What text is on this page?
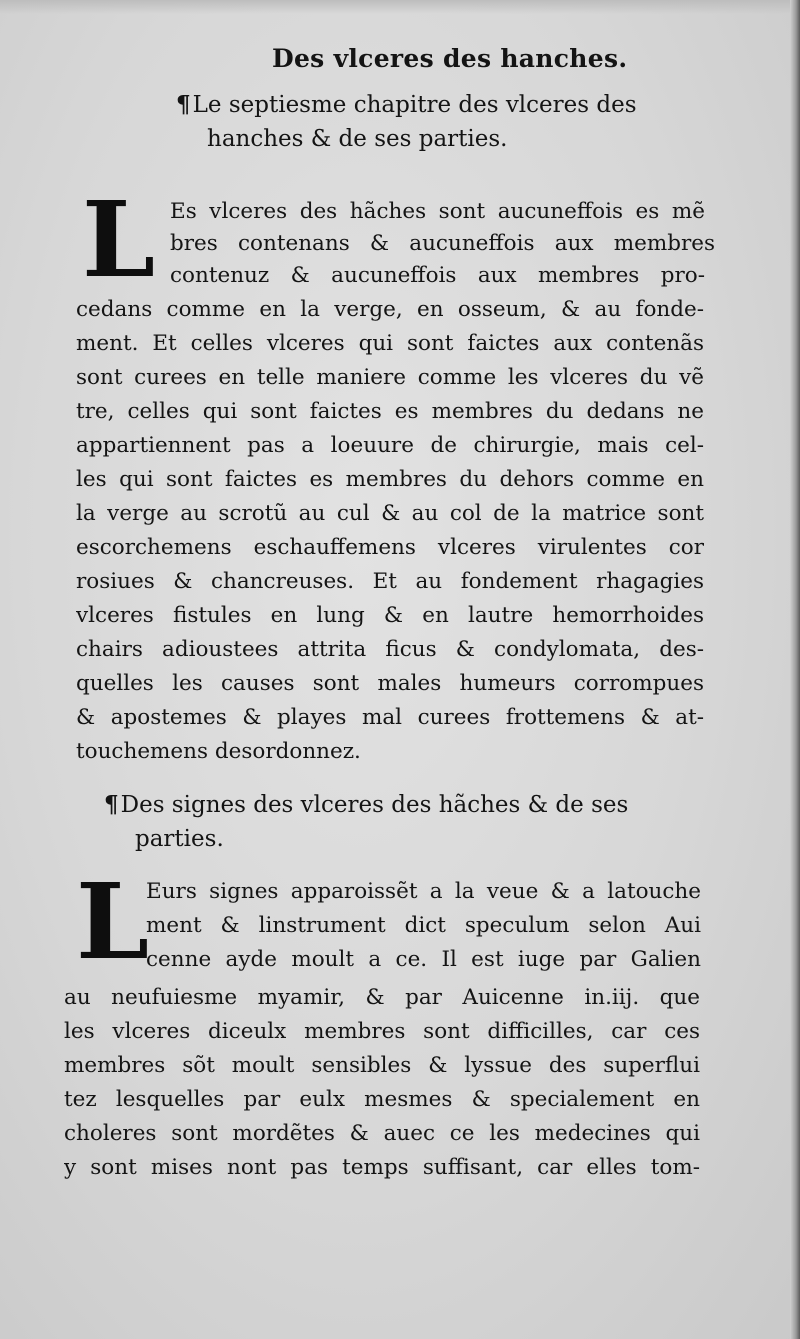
Des vlceres des hanches.
¶Le septiesme chapitre des vlceres des
hanches & de ses parties.
L Es vlceres des hãches sont aucuneffois es mẽ
bres contenans & aucuneffois aux membres
contenuz & aucuneffois aux membres pro-
cedans comme en la verge, en osseum, & au fonde-
ment. Et celles vlceres qui sont faictes aux contenãs
sont curees en telle maniere comme les vlceres du vẽ
tre, celles qui sont faictes es membres du dedans ne
appartiennent pas a loeuure de chirurgie, mais cel-
les qui sont faictes es membres du dehors comme en
la verge au scrotũ au cul & au col de la matrice sont
escorchemens eschauffemens vlceres virulentes cor
rosiues & chancreuses. Et au fondement rhagagies
vlceres fistules en lung & en lautre hemorrhoides
chairs adioustees attrita ficus & condylomata, des-
quelles les causes sont males humeurs corrompues
& apostemes & playes mal curees frottemens & at-
touchemens desordonnez.
¶Des signes des vlceres des hãches & de ses
parties.
L
Eurs signes apparoissẽt a la veue & a latouche
ment & linstrument dict speculum selon Aui
cenne ayde moult a ce. Il est iuge par Galien
au neufuiesme myamir, & par Auicenne in.iij. que
les vlceres diceulx membres sont difficilles, car ces
membres sõt moult sensibles & lyssue des superflui
tez lesquelles par eulx mesmes & specialement en
choleres sont mordẽtes & auec ce les medecines qui
y sont mises nont pas temps suffisant, car elles tom-
